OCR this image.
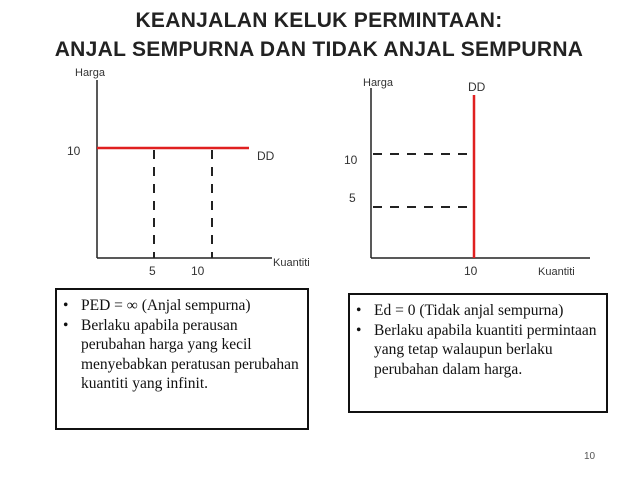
KEANJALAN KELUK PERMINTAAN:
ANJAL SEMPURNA DAN TIDAK ANJAL SEMPURNA
Harga
10	DD
Kuantiti
5	10
Harga	DD
10
5
10	Kuantiti
• PED = ∞ (Anjal sempurna)
• Berlaku apabila perausan perubahan harga yang kecil menyebabkan peratusan perubahan kuantiti yang infinit.
• Ed = 0 (Tidak anjal sempurna)
• Berlaku apabila kuantiti permintaan yang tetap walaupun berlaku perubahan dalam harga.
10
